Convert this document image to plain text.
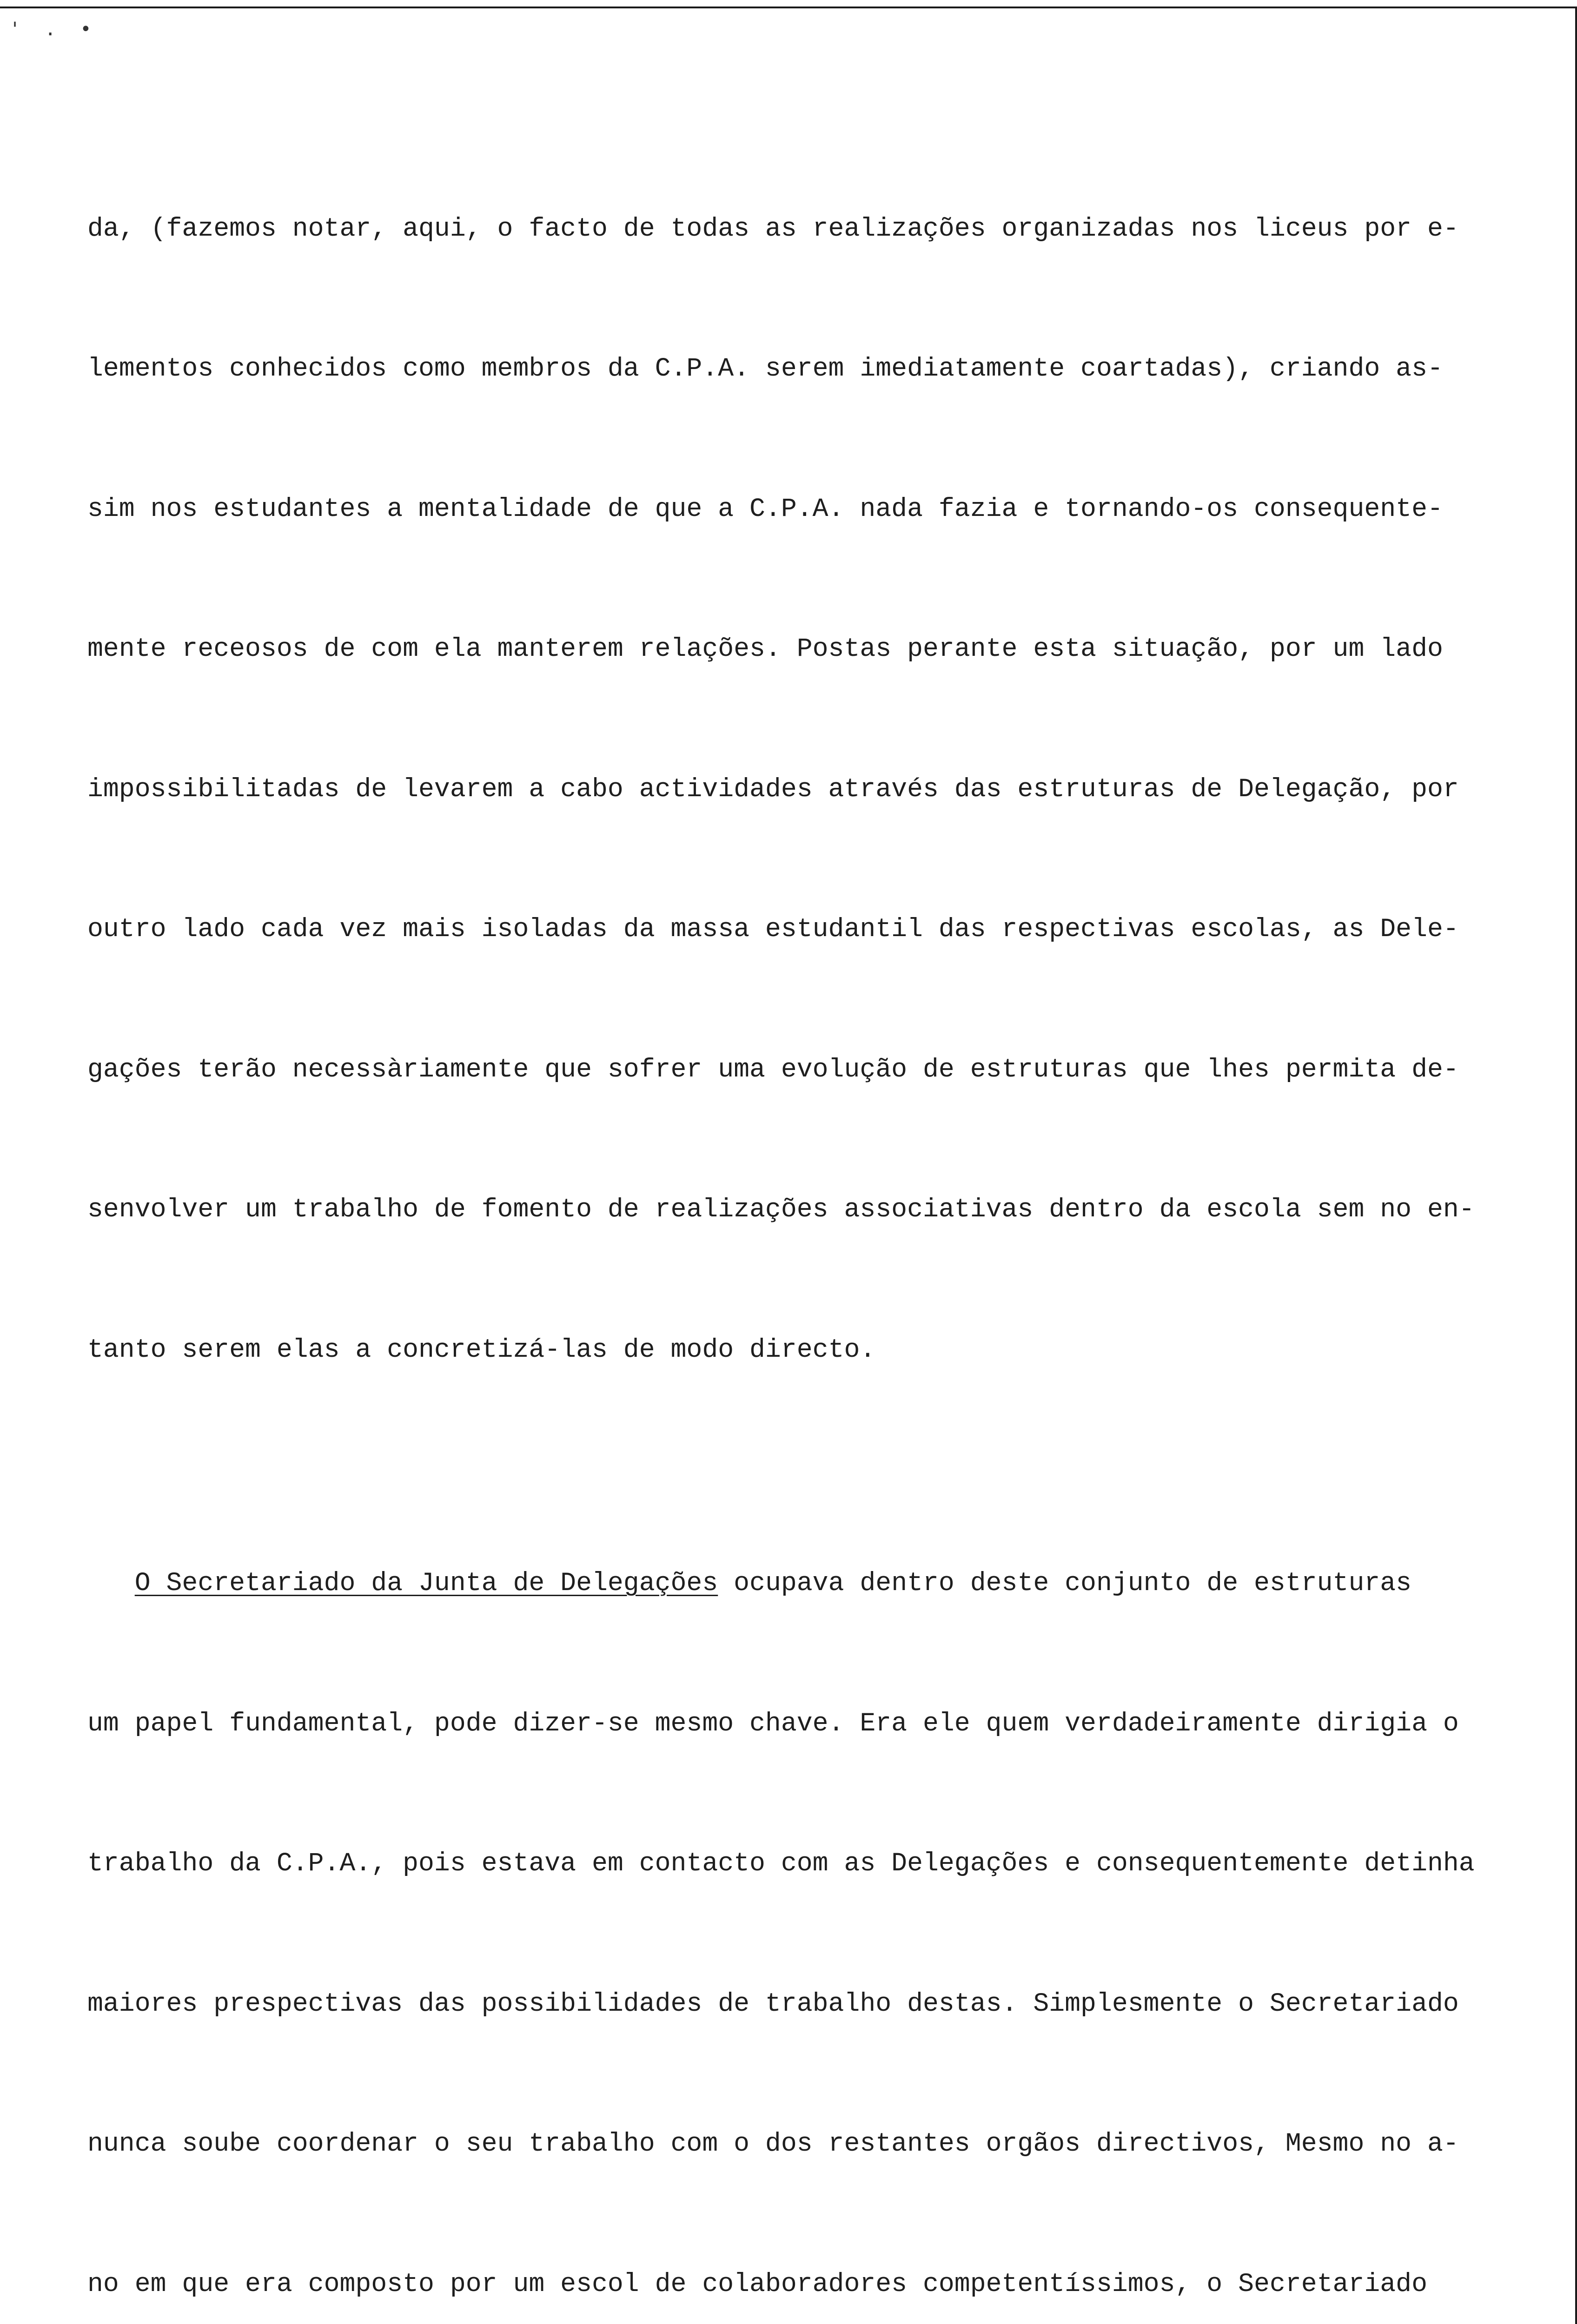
' . •

da, (fazemos notar, aqui, o facto de todas as realizações organizadas nos liceus por e-

lementos conhecidos como membros da C.P.A. serem imediatamente coartadas), criando as-

sim nos estudantes a mentalidade de que a C.P.A. nada fazia e tornando-os consequente-

mente receosos de com ela manterem relações. Postas perante esta situação, por um lado

impossibilitadas de levarem a cabo actividades através das estruturas de Delegação, por

outro lado cada vez mais isoladas da massa estudantil das respectivas escolas, as Dele-

gações terão necessàriamente que sofrer uma evolução de estruturas que lhes permita de-

senvolver um trabalho de fomento de realizações associativas dentro da escola sem no en-

tanto serem elas a concretizá-las de modo directo.

O Secretariado da Junta de Delegações ocupava dentro deste conjunto de estruturas

um papel fundamental, pode dizer-se mesmo chave. Era ele quem verdadeiramente dirigia o

trabalho da C.P.A., pois estava em contacto com as Delegações e consequentemente detinha

maiores prespectivas das possibilidades de trabalho destas. Simplesmente o Secretariado

nunca soube coordenar o seu trabalho com o dos restantes orgãos directivos, Mesmo no a-

no em que era composto por um escol de colaboradores competentíssimos, o Secretariado
